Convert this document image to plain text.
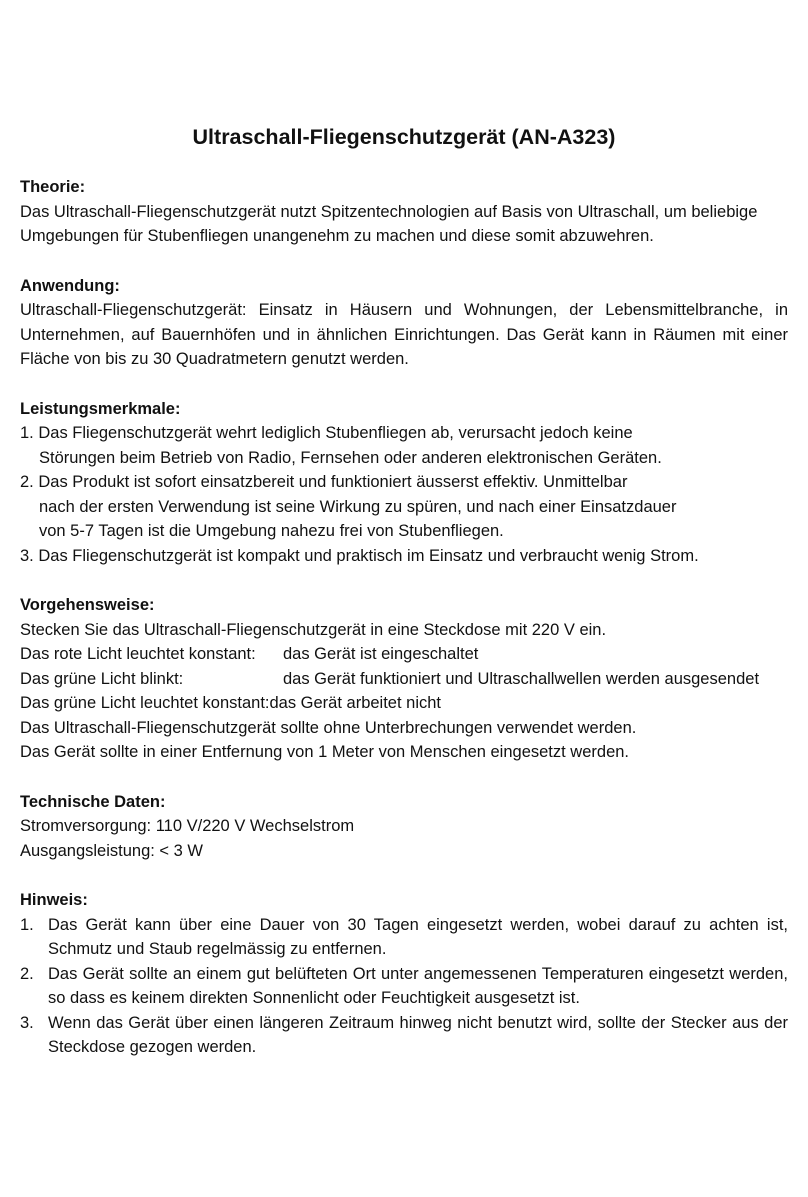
Ultraschall-Fliegenschutzgerät (AN-A323)

Theorie:

Das Ultraschall-Fliegenschutzgerät nutzt Spitzentechnologien auf Basis von Ultraschall, um beliebige Umgebungen für Stubenfliegen unangenehm zu machen und diese somit abzuwehren.

Anwendung:

Ultraschall-Fliegenschutzgerät: Einsatz in Häusern und Wohnungen, der Lebensmittelbranche, in Unternehmen, auf Bauernhöfen und in ähnlichen Einrichtungen. Das Gerät kann in Räumen mit einer Fläche von bis zu 30 Quadratmetern genutzt werden.

Leistungsmerkmale:

1. Das Fliegenschutzgerät wehrt lediglich Stubenfliegen ab, verursacht jedoch keine
Störungen beim Betrieb von Radio, Fernsehen oder anderen elektronischen Geräten.
2. Das Produkt ist sofort einsatzbereit und funktioniert äusserst effektiv. Unmittelbar
nach der ersten Verwendung ist seine Wirkung zu spüren, und nach einer Einsatzdauer
von 5-7 Tagen ist die Umgebung nahezu frei von Stubenfliegen.
3. Das Fliegenschutzgerät ist kompakt und praktisch im Einsatz und verbraucht wenig Strom.

Vorgehensweise:

Stecken Sie das Ultraschall-Fliegenschutzgerät in eine Steckdose mit 220 V ein.

Das rote Licht leuchtet konstant:	das Gerät ist eingeschaltet
Das grüne Licht blinkt:	das Gerät funktioniert und Ultraschallwellen werden ausgesendet
Das grüne Licht leuchtet konstant: das Gerät arbeitet nicht

Das Ultraschall-Fliegenschutzgerät sollte ohne Unterbrechungen verwendet werden.

Das Gerät sollte in einer Entfernung von 1 Meter von Menschen eingesetzt werden.

Technische Daten:

Stromversorgung: 110 V/220 V Wechselstrom

Ausgangsleistung: < 3 W

Hinweis:

1. Das Gerät kann über eine Dauer von 30 Tagen eingesetzt werden, wobei darauf zu achten ist, Schmutz und Staub regelmässig zu entfernen.
2. Das Gerät sollte an einem gut belüfteten Ort unter angemessenen Temperaturen eingesetzt werden, so dass es keinem direkten Sonnenlicht oder Feuchtigkeit ausgesetzt ist.
3. Wenn das Gerät über einen längeren Zeitraum hinweg nicht benutzt wird, sollte der Stecker aus der Steckdose gezogen werden.
